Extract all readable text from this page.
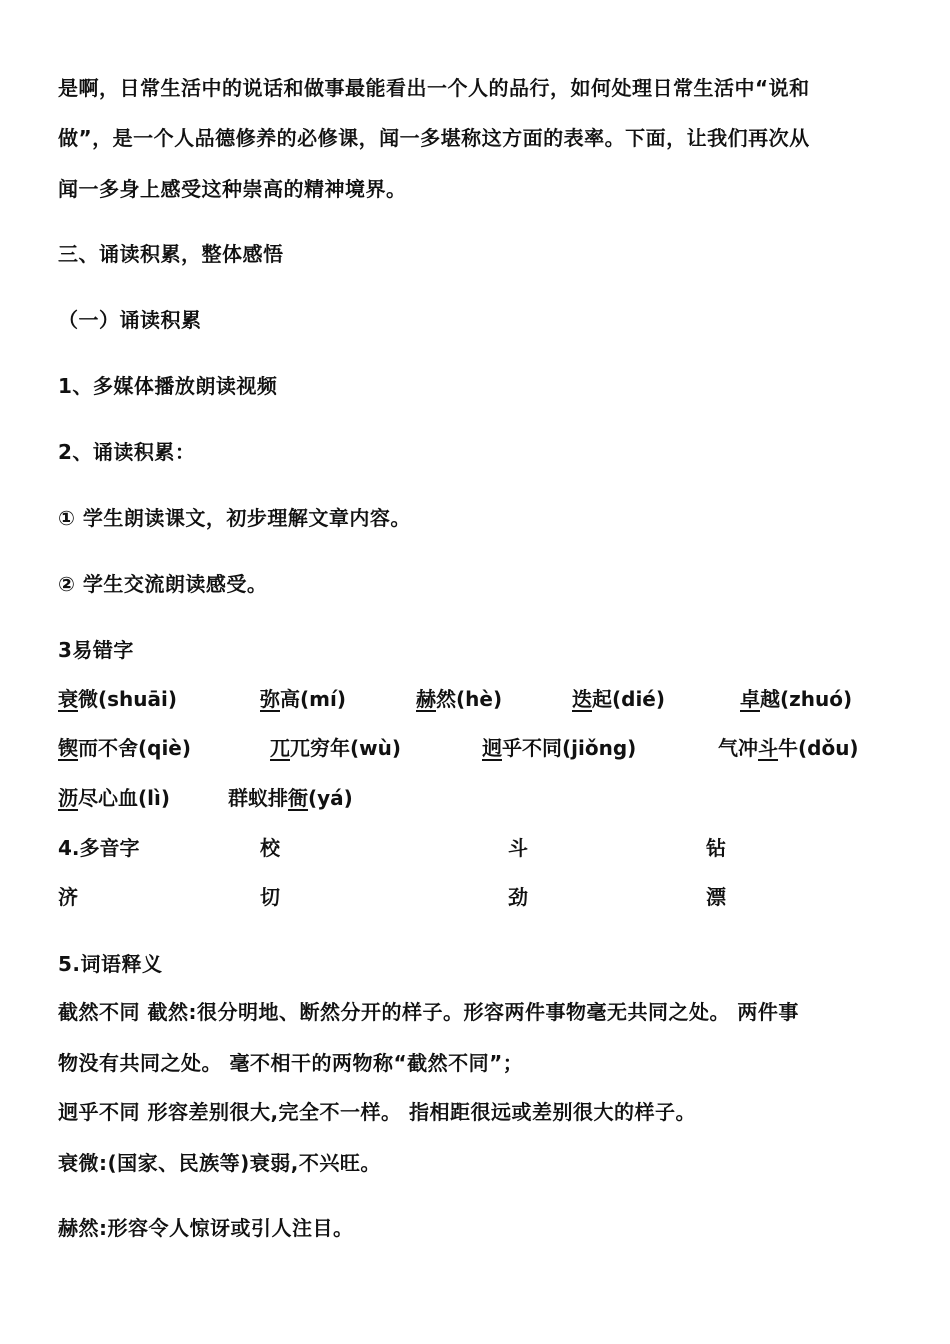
是啊，日常生活中的说话和做事最能看出一个人的品行，如何处理日常生活中“说和
做”，是一个人品德修养的必修课，闻一多堪称这方面的表率。下面，让我们再次从
闻一多身上感受这种崇高的精神境界。
三、诵读积累，整体感悟
（一）诵读积累
1、多媒体播放朗读视频
2、诵读积累：
① 学生朗读课文，初步理解文章内容。
② 学生交流朗读感受。
3易错字
衰微(shuāi)	弥高(mí)	赫然(hè)	迭起(dié)	卓越(zhuó)
锲而不舍(qiè)	兀兀穷年(wù)	迥乎不同(jiǒng)	气冲斗牛(dǒu)
沥尽心血(lì)	群蚁排衙(yá)
4.多音字	校	斗	钻
济	切	劲	漂
5.词语释义
截然不同 截然:很分明地、断然分开的样子。形容两件事物毫无共同之处。 两件事
物没有共同之处。 毫不相干的两物称“截然不同”；
迥乎不同 形容差别很大,完全不一样。 指相距很远或差别很大的样子。
衰微:(国家、民族等)衰弱,不兴旺。
赫然:形容令人惊讶或引人注目。
